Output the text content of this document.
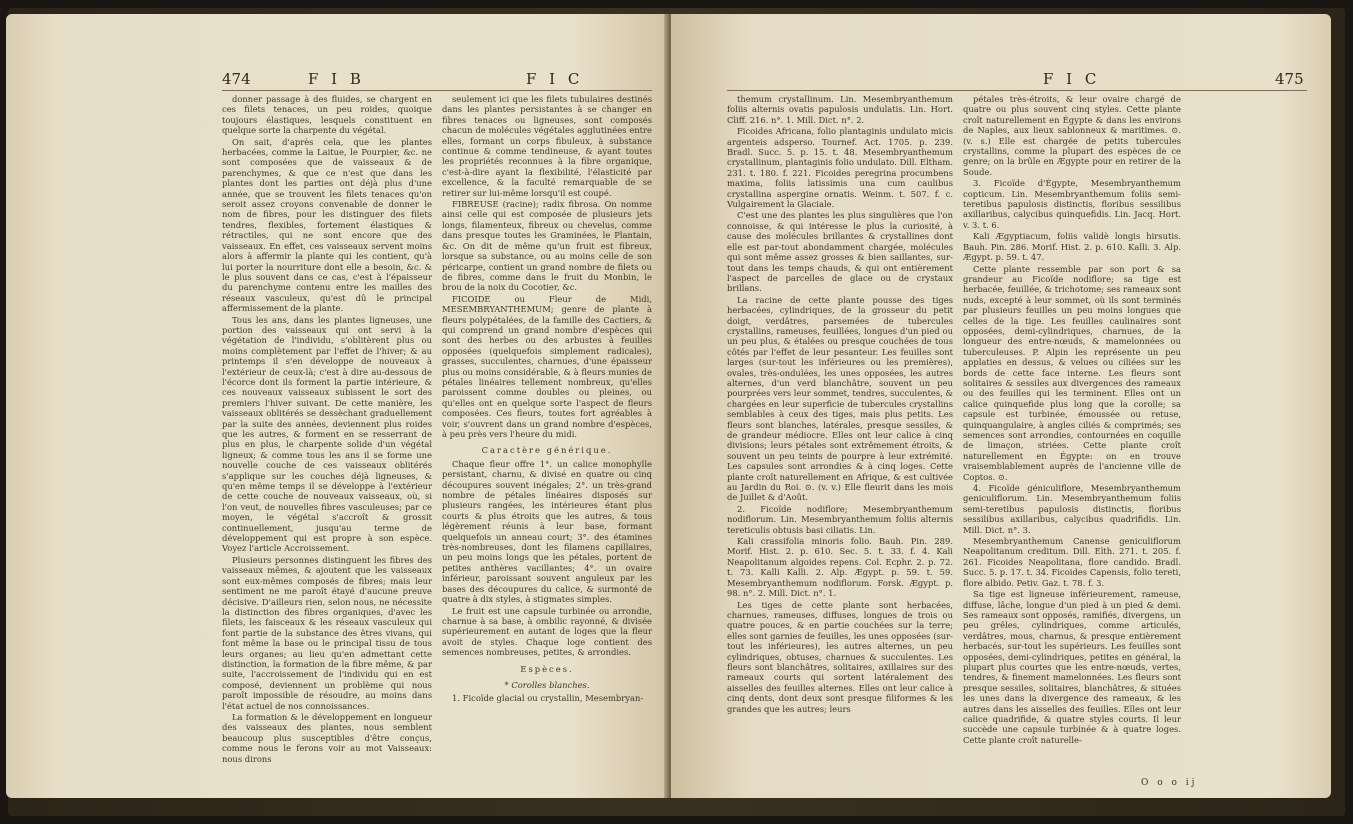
474	F I B	F I C

donner passage à des fluides, se chargent en ces filets tenaces, un peu roides, quoique toujours élastiques, lesquels constituent en quelque sorte la charpente du végétal.

On sait, d'après cela, que les plantes herbacées, comme la Laitue, le Pourpier, &c. ne sont composées que de vaisseaux & de parenchymes, & que ce n'est que dans les plantes dont les parties ont déjà plus d'une année, que se trouvent les filets tenaces qu'on seroit assez croyons convenable de donner le nom de fibres, pour les distinguer des filets tendres, flexibles, fortement élastiques & rétractiles, qui ne sont encore que des vaisseaux. En effet, ces vaisseaux servent moins alors à affermir la plante qui les contient, qu'à lui porter la nourriture dont elle a besoin, &c. & le plus souvent dans ce cas, c'est à l'épaisseur du parenchyme contenu entre les mailles des réseaux vasculeux, qu'est dû le principal affermissement de la plante.

Tous les ans, dans les plantes ligneuses, une portion des vaisseaux qui ont servi à la végétation de l'individu, s'oblitèrent plus ou moins complètement par l'effet de l'hiver; & au printemps il s'en développe de nouveaux à l'extérieur de ceux-là; c'est à dire au-dessous de l'écorce dont ils forment la partie intérieure, & ces nouveaux vaisseaux subissent le sort des premiers l'hiver suivant. De cette manière, les vaisseaux oblitérés se dessèchant graduellement par la suite des années, deviennent plus roides que les autres, & forment en se resserrant de plus en plus, le charpente solide d'un végétal ligneux; & comme tous les ans il se forme une nouvelle couche de ces vaisseaux oblitérés s'applique sur les couches déjà ligneuses, & qu'en même temps il se développe à l'extérieur de cette couche de nouveaux vaisseaux, où, si l'on veut, de nouvelles fibres vasculeuses; par ce moyen, le végétal s'accroît & grossit continuellement, jusqu'au terme de développement qui est propre à son espèce. Voyez l'article Accroissement.

Plusieurs personnes distinguent les fibres des vaisseaux mêmes, & ajoutent que les vaisseaux sont eux-mêmes composés de fibres; mais leur sentiment ne me paroît étayé d'aucune preuve décisive. D'ailleurs rien, selon nous, ne nécessite la distinction des fibres organiques, d'avec les filets, les faisceaux & les réseaux vasculeux qui font partie de la substance des êtres vivans, qui font même la base ou le principal tissu de tous leurs organes; au lieu qu'en admettant cette distinction, la formation de la fibre même, & par suite, l'accroissement de l'individu qui en est composé, deviennent un problème qui nous paroît impossible de résoudre, au moins dans l'état actuel de nos connoissances.

La formation & le développement en longueur des vaisseaux des plantes, nous semblent beaucoup plus susceptibles d'être conçus, comme nous le ferons voir au mot Vaisseaux: nous dirons

seulement ici que les filets tubulaires destinés dans les plantes persistantes à se changer en fibres tenaces ou ligneuses, sont composés chacun de molécules végétales agglutinées entre elles, formant un corps fibuleux, à substance continue & comme tendineuse, & ayant toutes les propriétés reconnues à la fibre organique, c'est-à-dire ayant la flexibilité, l'élasticité par excellence, & la faculté remarquable de se retirer sur lui-même lorsqu'il est coupé.

FIBREUSE (racine); radix fibrosa. On nomme ainsi celle qui est composée de plusieurs jets longs, filamenteux, fibreux ou chevelus, comme dans presque toutes les Graminées, le Plantain, &c. On dit de même qu'un fruit est fibreux, lorsque sa substance, ou au moins celle de son péricarpe, contient un grand nombre de filets ou de fibres, comme dans le fruit du Monbin, le brou de la noix du Cocotier, &c.

FICOIDE ou Fleur de Midi, MESEMBRYANTHEMUM; genre de plante à fleurs polypétalées, de la famille des Cactiers, & qui comprend un grand nombre d'espèces qui sont des herbes ou des arbustes à feuilles opposées (quelquefois simplement radicales), grasses, succulentes, charnues, d'une épaisseur plus ou moins considérable, & à fleurs munies de pétales linéaires tellement nombreux, qu'elles paroissent comme doubles ou pleines, ou qu'elles ont en quelque sorte l'aspect de fleurs composées. Ces fleurs, toutes fort agréables à voir, s'ouvrent dans un grand nombre d'espèces, à peu près vers l'heure du midi.

Caractère générique.

Chaque fleur offre 1°. un calice monophylle persistant, charnu, & divisé en quatre ou cinq découpures souvent inégales; 2°. un très-grand nombre de pétales linéaires disposés sur plusieurs rangées, les intérieures étant plus courts & plus étroits que les autres, & tous légèrement réunis à leur base, formant quelquefois un anneau court; 3°. des étamines très-nombreuses, dont les filamens capillaires, un peu moins longs que les pétales, portent de petites anthères vacillantes; 4°. un ovaire inférieur, paroissant souvent anguleux par les bases des découpures du calice, & surmonté de quatre à dix styles, à stigmates simples.

Le fruit est une capsule turbinée ou arrondie, charnue à sa base, à ombilic rayonné, & divisée supérieurement en autant de loges que la fleur avoit de styles. Chaque loge contient des semences nombreuses, petites, & arrondies.

Espèces.

* Corolles blanches.

1. Ficoïde glacial ou crystallin, Mesembryan-

F I C	475

themum crystallinum. Lin. Mesembryanthemum foliis alternis ovatis papulosis undulatis. Lin. Hort. Cliff. 216. n°. 1. Mill. Dict. n°. 2.

Ficoides Africana, folio plantaginis undulato micis argenteis adsperso. Tournef. Act. 1705. p. 239. Bradl. Succ. 5. p. 15. t. 48. Mesembryanthemum crystallinum, plantaginis folio undulato. Dill. Eltham. 231. t. 180. f. 221. Ficoides peregrina procumbens maxima, foliis latissimis una cum caulibus crystallina aspergine ornatis. Weinm. t. 507. f. c. Vulgairement la Glaciale.

C'est une des plantes les plus singulières que l'on connoisse, & qui intéresse le plus la curiosité, à cause des molécules brillantes & crystallines dont elle est par-tout abondamment chargée, molécules qui sont même assez grosses & bien saillantes, sur-tout dans les temps chauds, & qui ont entièrement l'aspect de parcelles de glace ou de crystaux brillans.

La racine de cette plante pousse des tiges herbacées, cylindriques, de la grosseur du petit doigt, verdâtres, parsemées de tubercules crystallins, rameuses, feuillées, longues d'un pied ou un peu plus, & étalées ou presque couchées de tous côtés par l'effet de leur pesanteur. Les feuilles sont larges (sur-tout les inférieures ou les premières), ovales, très-ondulées, les unes opposées, les autres alternes, d'un verd blanchâtre, souvent un peu pourprées vers leur sommet, tendres, succulentes, & chargées en leur superficie de tubercules crystallins semblables à ceux des tiges, mais plus petits. Les fleurs sont blanches, latérales, presque sessiles, & de grandeur médiocre. Elles ont leur calice à cinq divisions; leurs pétales sont extrêmement étroits, & souvent un peu teints de pourpre à leur extrémité. Les capsules sont arrondies & à cinq loges. Cette plante croît naturellement en Afrique, & est cultivée au Jardin du Roi. ⊙. (v. v.) Elle fleurit dans les mois de Juillet & d'Août.

2. Ficoïde nodiflore; Mesembryanthemum nodiflorum. Lin. Mesembryanthemum foliis alternis tereticulis obtusis basi ciliatis. Lin.

Kali crassifolia minoris folio. Bauh. Pin. 289. Morif. Hist. 2. p. 610. Sec. 5. t. 33. f. 4. Kali Neapolitanum algoides repens. Col. Ecphr. 2. p. 72. t. 73. Kalli Kalli. 2. Alp. Ægypt. p. 59. t. 59. Mesembryanthemum nodiflorum. Forsk. Ægypt. p. 98. n°. 2. Mill. Dict. n°. 1.

Les tiges de cette plante sont herbacées, charnues, rameuses, diffuses, longues de trois ou quatre pouces, & en partie couchées sur la terre; elles sont garnies de feuilles, les unes opposées (sur-tout les inférieures), les autres alternes, un peu cylindriques, obtuses, charnues & succulentes. Les fleurs sont blanchâtres, solitaires, axillaires sur des rameaux courts qui sortent latéralement des aisselles des feuilles alternes. Elles ont leur calice à cinq dents, dont deux sont presque filiformes & les grandes que les autres; leurs

pétales très-étroits, & leur ovaire chargé de quatre ou plus souvent cinq styles. Cette plante croît naturellement en Égypte & dans les environs de Naples, aux lieux sablonneux & maritimes. ⊙. (v. s.) Elle est chargée de petits tubercules crystallins, comme la plupart des espèces de ce genre; on la brûle en Ægypte pour en retirer de la Soude.

3. Ficoïde d'Égypte, Mesembryanthemum copticum. Lin. Mesembryanthemum foliis semi-teretibus papulosis distinctis, floribus sessilibus axillaribus, calycibus quinquefidis. Lin. Jacq. Hort. v. 3. t. 6.

Kali Ægyptiacum, foliis validè longis hirsutis. Bauh. Pin. 286. Morif. Hist. 2. p. 610. Kalli. 3. Alp. Ægypt. p. 59. t. 47.

Cette plante ressemble par son port & sa grandeur au Ficoïde nodiflore; sa tige est herbacée, feuillée, & trichotome; ses rameaux sont nuds, excepté à leur sommet, où ils sont terminés par plusieurs feuilles un peu moins longues que celles de la tige. Les feuilles caulinaires sont opposées, demi-cylindriques, charnues, de la longueur des entre-nœuds, & mamelonnées ou tuberculeuses. P. Alpin les représente un peu applaties en dessus, & velues ou ciliées sur les bords de cette face interne. Les fleurs sont solitaires & sessiles aux divergences des rameaux ou des feuilles qui les terminent. Elles ont un calice quinquefide plus long que la corolle; sa capsule est turbinée, émoussée ou retuse, quinquangulaire, à angles ciliés & comprimés; ses semences sont arrondies, contournées en coquille de limaçon, striées. Cette plante croît naturellement en Égypte: on en trouve vraisemblablement auprès de l'ancienne ville de Coptos. ⊙.

4. Ficoïde géniculiflore, Mesembryanthemum geniculiflorum. Lin. Mesembryanthemum foliis semi-teretibus papulosis distinctis, floribus sessilibus axillaribus, calycibus quadrifidis. Lin. Mill. Dict. n°. 3.

Mesembryanthemum Canense geniculiflorum Neapolitanum creditum. Dill. Elth. 271. t. 205. f. 261. Ficoides Neapolitana, flore candido. Bradl. Succ. 5. p. 17. t. 34. Ficoides Capensis, folio tereti, flore albido. Petiv. Gaz. t. 78. f. 3.

Sa tige est ligneuse inférieurement, rameuse, diffuse, lâche, longue d'un pied à un pied & demi. Ses rameaux sont opposés, ramifiés, divergens, un peu grêles, cylindriques, comme articulés, verdâtres, mous, charnus, & presque entièrement herbacés, sur-tout les supérieurs. Les feuilles sont opposées, demi-cylindriques, petites en général, la plupart plus courtes que les entre-nœuds, vertes, tendres, & finement mamelonnées. Les fleurs sont presque sessiles, solitaires, blanchâtres, & situées les unes dans la divergence des rameaux, & les autres dans les aisselles des feuilles. Elles ont leur calice quadrifide, & quatre styles courts. Il leur succède une capsule turbinée & à quatre loges. Cette plante croît naturelle-

O o o ij
